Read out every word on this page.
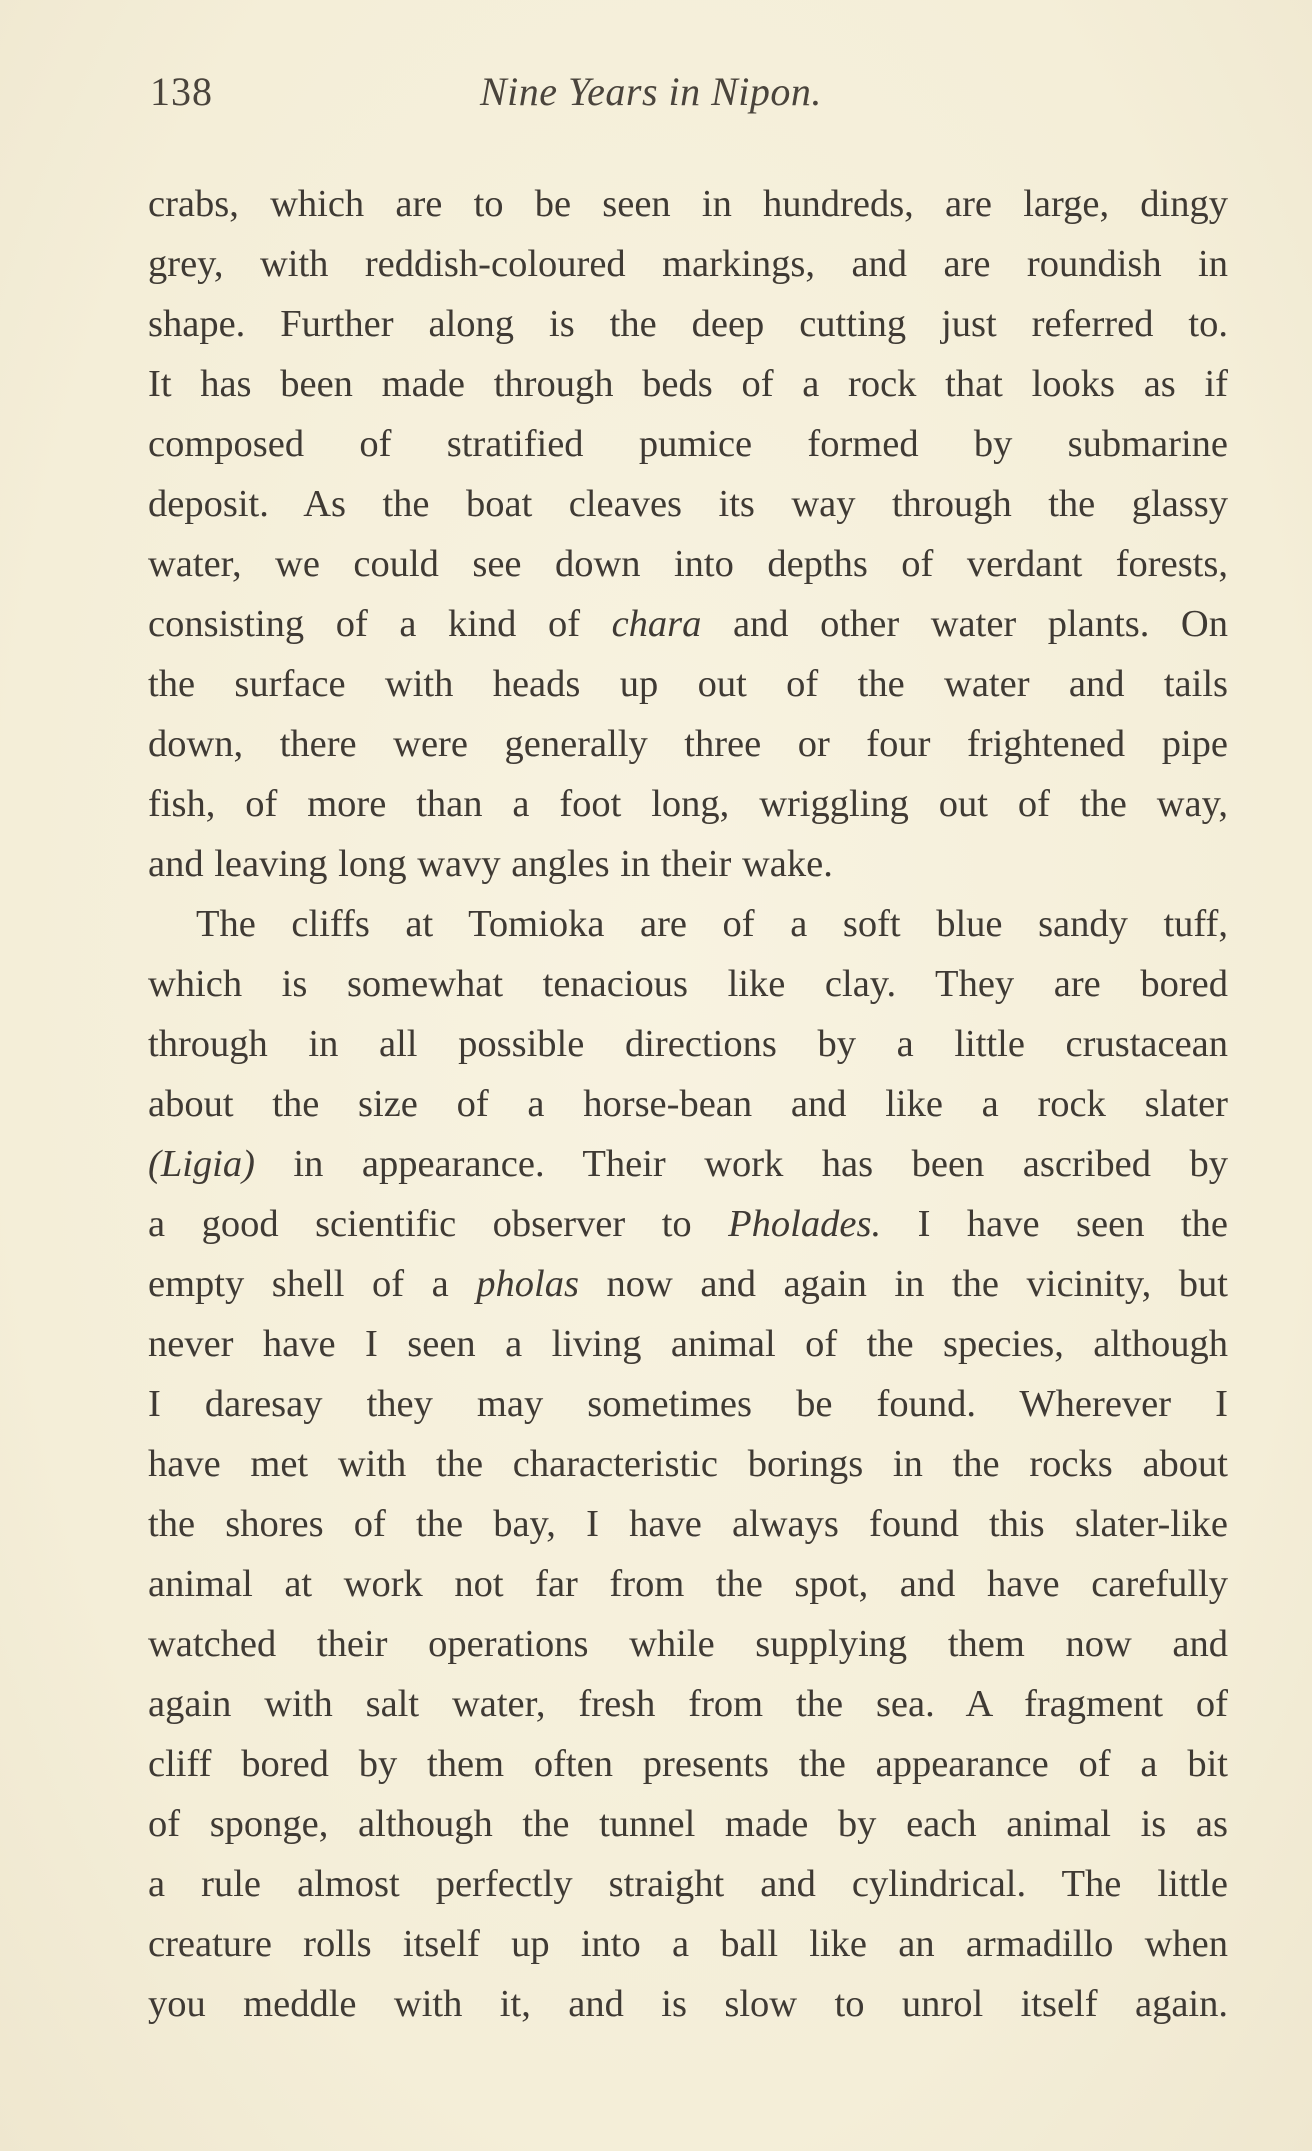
138	Nine Years in Nipon.
crabs, which are to be seen in hundreds, are large, dingy
grey, with reddish-coloured markings, and are roundish in
shape. Further along is the deep cutting just referred to.
It has been made through beds of a rock that looks as if
composed of stratified pumice formed by submarine
deposit. As the boat cleaves its way through the glassy
water, we could see down into depths of verdant forests,
consisting of a kind of chara and other water plants. On
the surface with heads up out of the water and tails
down, there were generally three or four frightened pipe
fish, of more than a foot long, wriggling out of the way,
and leaving long wavy angles in their wake.
The cliffs at Tomioka are of a soft blue sandy tuff,
which is somewhat tenacious like clay. They are bored
through in all possible directions by a little crustacean
about the size of a horse-bean and like a rock slater
(Ligia) in appearance. Their work has been ascribed by
a good scientific observer to Pholades. I have seen the
empty shell of a pholas now and again in the vicinity, but
never have I seen a living animal of the species, although
I daresay they may sometimes be found. Wherever I
have met with the characteristic borings in the rocks about
the shores of the bay, I have always found this slater-like
animal at work not far from the spot, and have carefully
watched their operations while supplying them now and
again with salt water, fresh from the sea. A fragment of
cliff bored by them often presents the appearance of a bit
of sponge, although the tunnel made by each animal is as
a rule almost perfectly straight and cylindrical. The little
creature rolls itself up into a ball like an armadillo when
you meddle with it, and is slow to unrol itself again.
